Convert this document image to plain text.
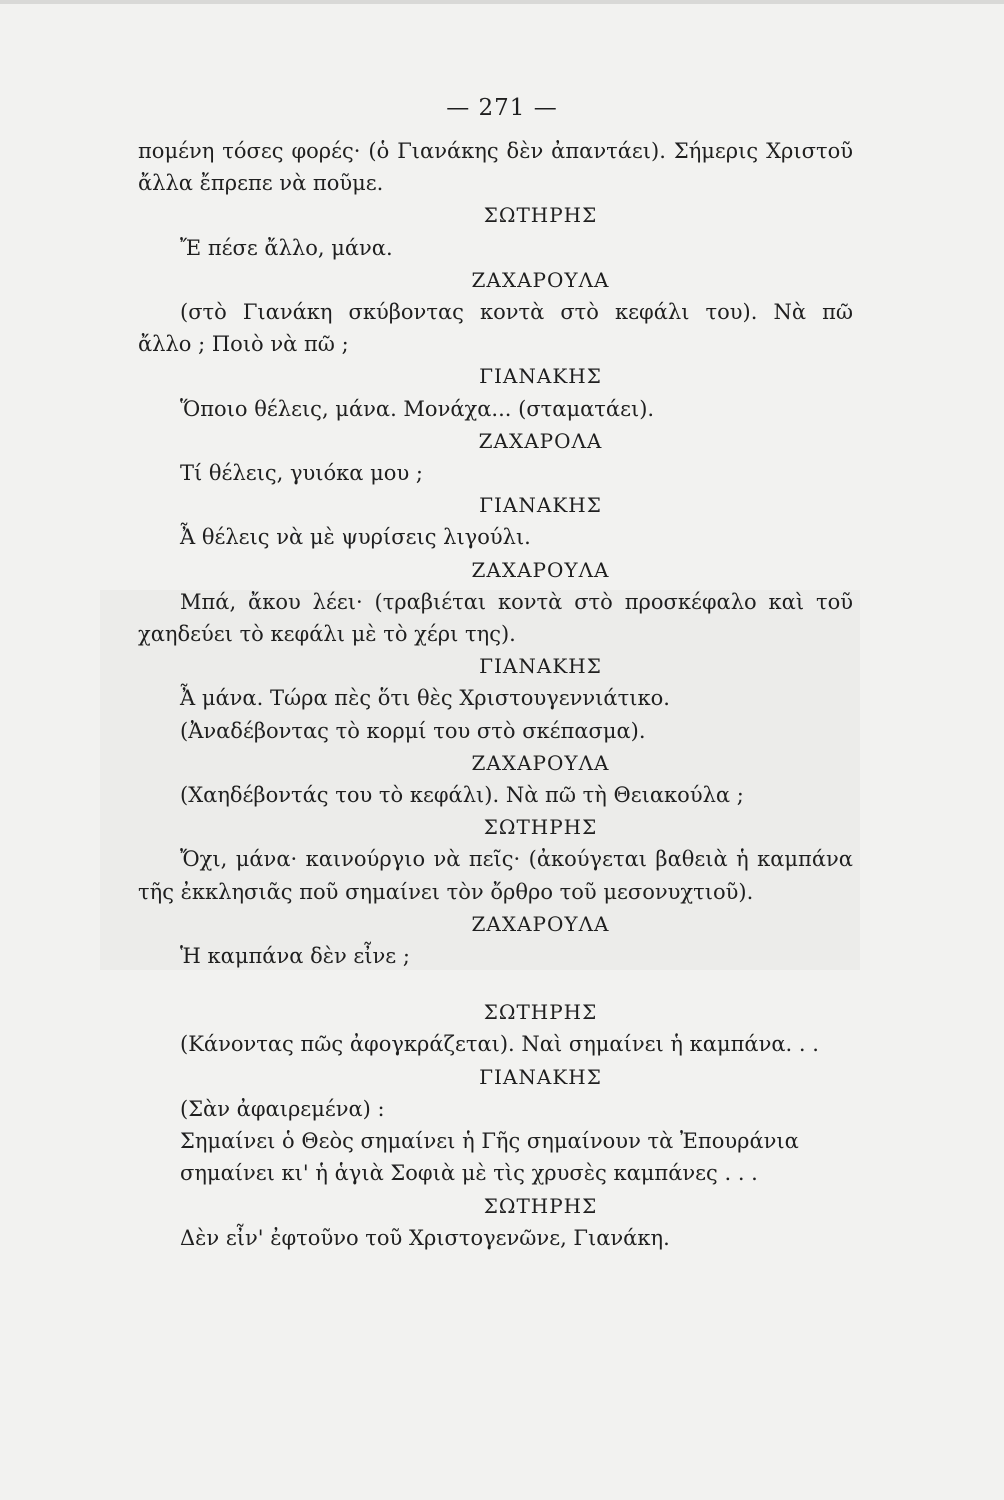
— 271 —
πομένη τόσες φορές· (ὁ Γιανάκης δὲν ἀπαντάει). Σήμερις Χριστοῦ
ἄλλα ἔπρεπε νὰ ποῦμε.
ΣΩΤΗΡΗΣ
Ἔ πέσε ἄλλο, μάνα.
ΖΑΧΑΡΟΥΛΑ
(στὸ Γιανάκη σκύβοντας κοντὰ στὸ κεφάλι του). Νὰ πῶ
ἄλλο ; Ποιὸ νὰ πῶ ;
ΓΙΑΝΑΚΗΣ
Ὅποιο θέλεις, μάνα. Μονάχα... (σταματάει).
ΖΑΧΑΡΟΛΑ
Τί θέλεις, γυιόκα μου ;
ΓΙΑΝΑΚΗΣ
Ἆ θέλεις νὰ μὲ ψυρίσεις λιγούλι.
ΖΑΧΑΡΟΥΛΑ
Μπά, ἄκου λέει· (τραβιέται κοντὰ στὸ προσκέφαλο καὶ τοῦ
χαηδεύει τὸ κεφάλι μὲ τὸ χέρι της).
ΓΙΑΝΑΚΗΣ
Ἆ μάνα. Τώρα πὲς ὅτι θὲς Χριστουγεννιάτικο.
(Ἀναδέβοντας τὸ κορμί του στὸ σκέπασμα).
ΖΑΧΑΡΟΥΛΑ
(Χαηδέβοντάς του τὸ κεφάλι). Νὰ πῶ τὴ Θειακούλα ;
ΣΩΤΗΡΗΣ
Ὄχι, μάνα· καινούργιο νὰ πεῖς· (ἀκούγεται βαθειὰ ἡ καμπάνα
τῆς ἐκκλησιᾶς ποῦ σημαίνει τὸν ὄρθρο τοῦ μεσονυχτιοῦ).
ΖΑΧΑΡΟΥΛΑ
Ἡ καμπάνα δὲν εἶνε ;
ΣΩΤΗΡΗΣ
(Κάνοντας πῶς ἀφογκράζεται). Ναὶ σημαίνει ἡ καμπάνα. . .
ΓΙΑΝΑΚΗΣ
(Σὰν ἀφαιρεμένα) :
Σημαίνει ὁ Θεὸς σημαίνει ἡ Γῆς σημαίνουν τὰ Ἐπουράνια
σημαίνει κι' ἡ ἁγιὰ Σοφιὰ μὲ τὶς χρυσὲς καμπάνες . . .
ΣΩΤΗΡΗΣ
Δὲν εἶν' ἐφτοῦνο τοῦ Χριστογενῶνε, Γιανάκη.
